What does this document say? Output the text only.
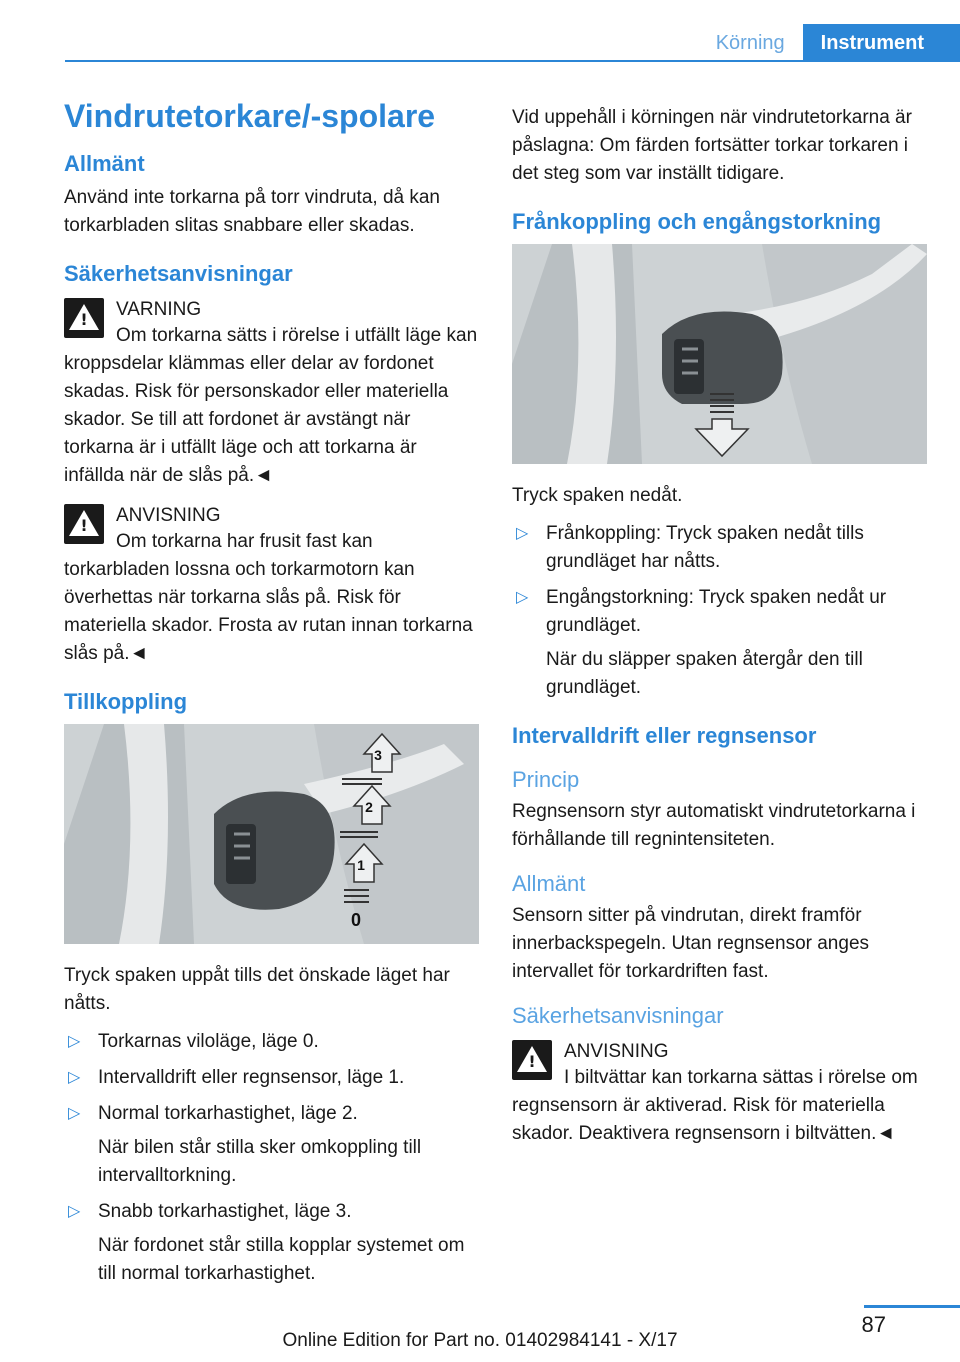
Körning	Instrument
Vindrutetorkare/-spolare
Allmänt

Använd inte torkarna på torr vindruta, då kan torkarbladen slitas snabbare eller skadas.

Säkerhetsanvisningar
!
VARNING
Om torkarna sätts i rörelse i utfällt läge kan kroppsdelar klämmas eller delar av fordonet skadas. Risk för personskador eller materiella skador. Se till att fordonet är avstängt när torkarna är i utfällt läge och att torkarna är infällda när de slås på.◄
!
ANVISNING
Om torkarna har frusit fast kan torkarbladen lossna och torkarmotorn kan överhettas när torkarna slås på. Risk för materiella skador. Frosta av rutan innan torkarna slås på.◄
Tillkoppling
3
2
1
0

Tryck spaken uppåt tills det önskade läget har nåtts.

▷ Torkarnas viloläge, läge 0.
▷ Intervalldrift eller regnsensor, läge 1.
▷ Normal torkarhastighet, läge 2.
När bilen står stilla sker omkoppling till intervalltorkning.
▷ Snabb torkarhastighet, läge 3.
När fordonet står stilla kopplar systemet om till normal torkarhastighet.

Vid uppehåll i körningen när vindrutetorkarna är påslagna: Om färden fortsätter torkar torkaren i det steg som var inställt tidigare.

Frånkoppling och engångstorkning

Tryck spaken nedåt.

▷ Frånkoppling: Tryck spaken nedåt tills grundläget har nåtts.
▷ Engångstorkning: Tryck spaken nedåt ur grundläget.
När du släpper spaken återgår den till grundläget.
Intervalldrift eller regnsensor
Princip

Regnsensorn styr automatiskt vindrutetorkarna i förhållande till regnintensiteten.

Allmänt

Sensorn sitter på vindrutan, direkt framför innerbackspegeln. Utan regnsensor anges intervallet för torkardriften fast.

Säkerhetsanvisningar
!
ANVISNING
I biltvättar kan torkarna sättas i rörelse om regnsensorn är aktiverad. Risk för materiella skador. Deaktivera regnsensorn i biltvätten.◄
87
Online Edition for Part no. 01402984141 - X/17
